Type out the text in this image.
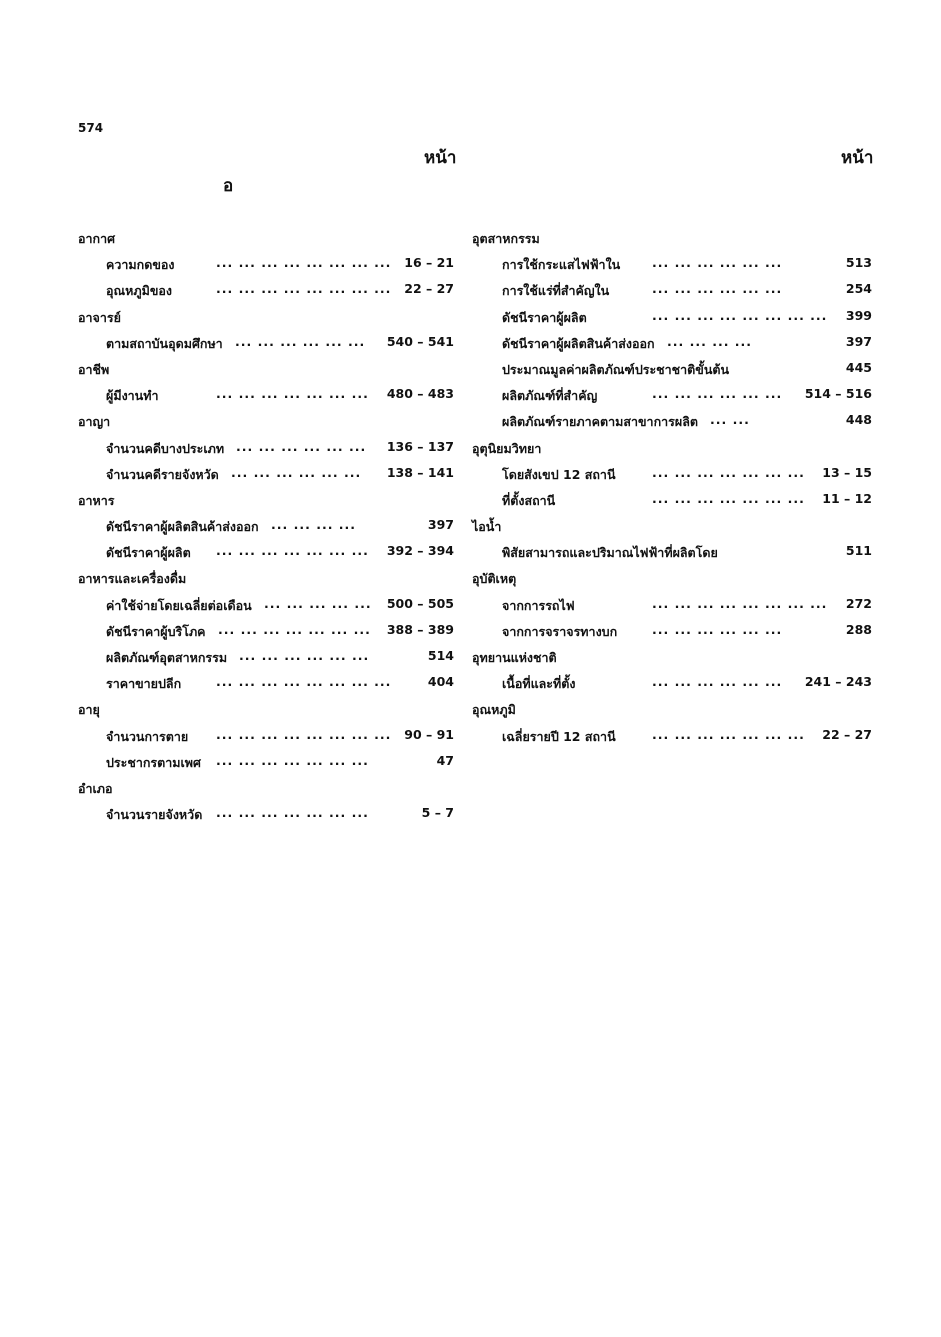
574
หน้า	หน้า
อ
อากาศ
ความกดของ	... ... ... ... ... ... ... ... 16 – 21
อุณหภูมิของ	... ... ... ... ... ... ... ... 22 – 27
อาจารย์
ตามสถาบันอุดมศึกษา ... ... ... ... ... ... 540 – 541
อาชีพ
ผู้มีงานทำ	... ... ... ... ... ... ... 480 – 483
อาญา
จำนวนคดีบางประเภท ... ... ... ... ... ... 136 – 137
จำนวนคดีรายจังหวัด ... ... ... ... ... ... 138 – 141
อาหาร
ดัชนีราคาผู้ผลิตสินค้าส่งออก ... ... ... ...	397
ดัชนีราคาผู้ผลิต ... ... ... ... ... ... ... 392 – 394
อาหารและเครื่องดื่ม
ค่าใช้จ่ายโดยเฉลี่ยต่อเดือน ... ... ... ... ... 500 – 505
ดัชนีราคาผู้บริโภค ... ... ... ... ... ... ... 388 – 389
ผลิตภัณฑ์อุตสาหกรรม ... ... ... ... ... ...	514
ราคาขายปลีก	... ... ... ... ... ... ... ...	404
อายุ
จำนวนการตาย ... ... ... ... ... ... ... ... 90 – 91
ประชากรตามเพศ ... ... ... ... ... ... ...	47
อำเภอ
จำนวนรายจังหวัด ... ... ... ... ... ... ...	5 – 7
อุตสาหกรรม
การใช้กระแสไฟฟ้าใน	... ... ... ... ... ...	513
การใช้แร่ที่สำคัญใน	... ... ... ... ... ...	254
ดัชนีราคาผู้ผลิต	... ... ... ... ... ... ... ... 399
ดัชนีราคาผู้ผลิตสินค้าส่งออก ... ... ... ...	397
ประมาณมูลค่าผลิตภัณฑ์ประชาชาติขั้นต้น	445
ผลิตภัณฑ์ที่สำคัญ	... ... ... ... ... ... 514 – 516
ผลิตภัณฑ์รายภาคตามสาขาการผลิต ... ...	448
อุตุนิยมวิทยา
โดยสังเขป 12 สถานี	... ... ... ... ... ... ... 13 – 15
ที่ตั้งสถานี	... ... ... ... ... ... ... 11 – 12
ไอน้ำ
พิสัยสามารถและปริมาณไฟฟ้าที่ผลิตโดย	511
อุบัติเหตุ
จากการรถไฟ	... ... ... ... ... ... ... ... 272
จากการจราจรทางบก	... ... ... ... ... ...	288
อุทยานแห่งชาติ
เนื้อที่และที่ตั้ง	... ... ... ... ... ... 241 – 243
อุณหภูมิ
เฉลี่ยรายปี 12 สถานี	... ... ... ... ... ... ... 22 – 27
